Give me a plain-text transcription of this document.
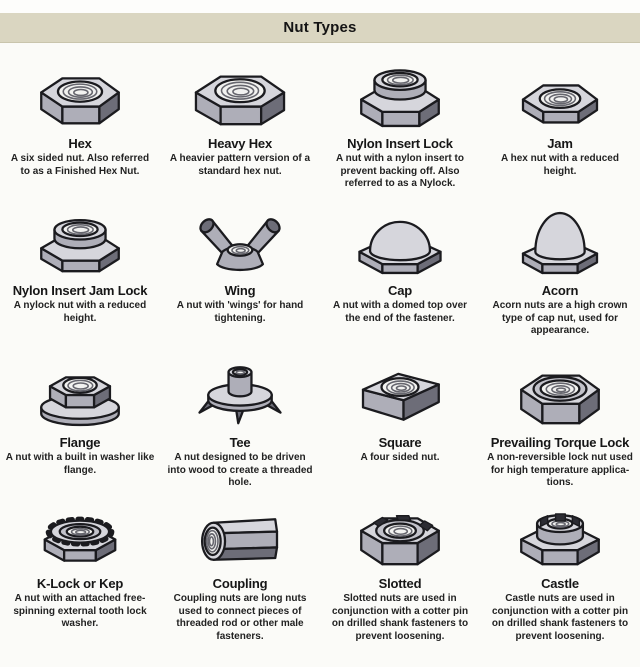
Nut Types
Hex
A six sided nut. Also referred to as a Finished Hex Nut.
Heavy Hex
A heavier pattern version of a standard hex nut.
Nylon Insert Lock
A nut with a nylon insert to prevent backing off. Also referred to as a Nylock.
Jam
A hex nut with a reduced height.
Nylon Insert Jam Lock
A nylock nut with a reduced height.
Wing
A nut with 'wings' for hand tightening.
Cap
A nut with a domed top over the end of the fastener.
Acorn
Acorn nuts are a high crown type of cap nut, used for appearance.
Flange
A nut with a built in washer like flange.
Tee
A nut designed to be driven into wood to create a threaded hole.
Square
A four sided nut.
Prevailing Torque Lock
A non-reversible lock nut used for high temperature applica-tions.
K-Lock or Kep
A nut with an attached free-spinning external tooth lock washer.
Coupling
Coupling nuts are long nuts used to connect pieces of threaded rod or other male fasteners.
Slotted
Slotted nuts are used in conjunction with a cotter pin on drilled shank fasteners to prevent loosening.
Castle
Castle nuts are used in conjunction with a cotter pin on drilled shank fasteners to prevent loosening.
